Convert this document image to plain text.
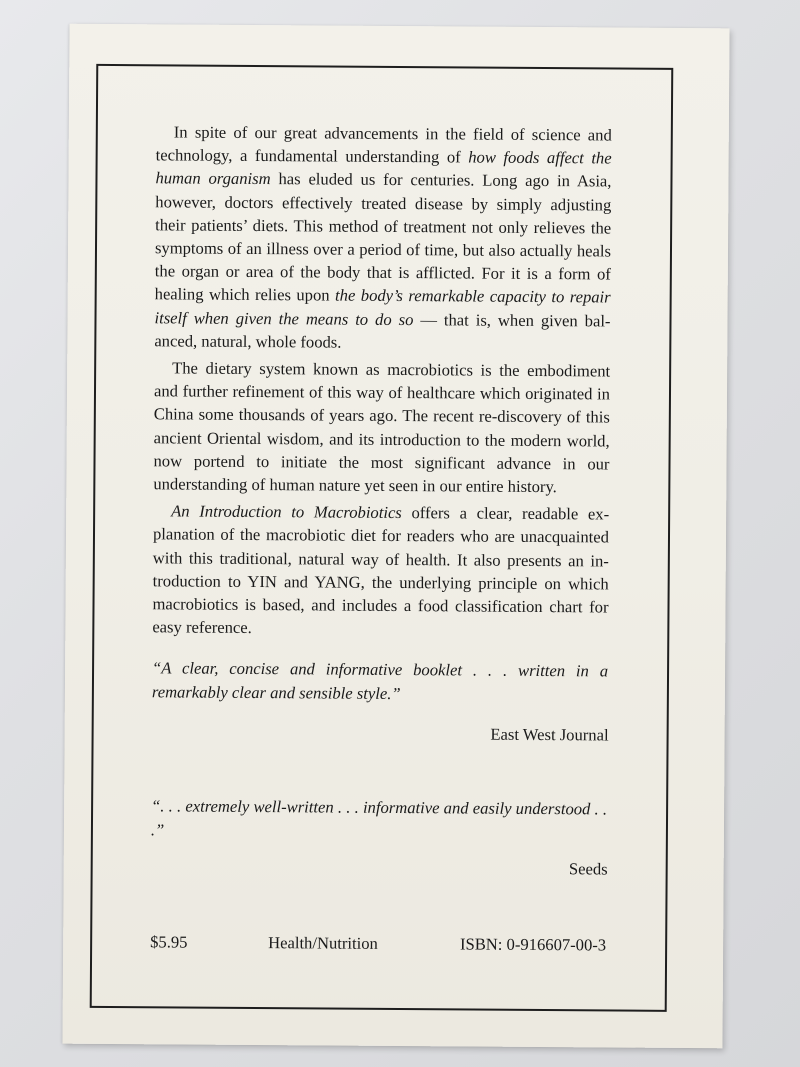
In spite of our great advancements in the field of science and technology, a fundamental understanding of how foods affect the human organism has eluded us for centuries. Long ago in Asia, however, doctors effectively treated disease by simply adjusting their patients’ diets. This method of treatment not only relieves the symptoms of an illness over a period of time, but also actually heals the organ or area of the body that is afflicted. For it is a form of healing which relies upon the body’s remarkable capacity to repair itself when given the means to do so — that is, when given balanced, natural, whole foods.

The dietary system known as macrobiotics is the embodiment and further refinement of this way of healthcare which originated in China some thousands of years ago. The recent re-discovery of this ancient Oriental wisdom, and its introduction to the modern world, now portend to initiate the most significant advance in our understanding of human nature yet seen in our entire history.

An Introduction to Macrobiotics offers a clear, readable explanation of the macrobiotic diet for readers who are unacquainted with this traditional, natural way of health. It also presents an introduction to YIN and YANG, the underlying principle on which macrobiotics is based, and includes a food classification chart for easy reference.

“A clear, concise and informative booklet . . . written in a remarkably clear and sensible style.”
East West Journal
“. . . extremely well-written . . . informative and easily understood . . .”
Seeds
$5.95	Health/Nutrition	ISBN: 0-916607-00-3
